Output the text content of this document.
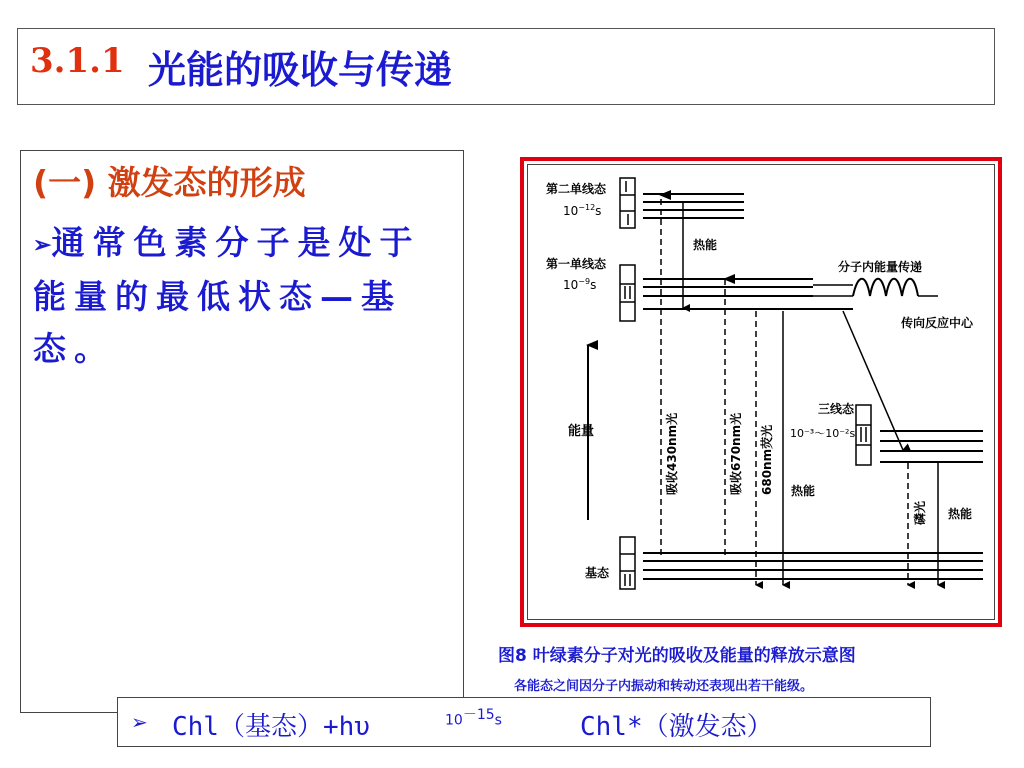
3.1.1 光能的吸收与传递
(一) 激发态的形成
➢通常色素分子是处于能量的最低状态—基态。
第二单线态
$10^{-12}s$
第一单线态
$10^{-9}s$
分子内能量传递
传向反应中心
热能
能量	吸收430nm光	吸收670nm光 680nm荧光 热能
三线态
10⁻³～10⁻²s
磷光 热能
基态
图8 叶绿素分子对光的吸收及能量的释放示意图
各能态之间因分子内振动和转动还表现出若干能级。
➢ Chl（基态）+hυ	$10^{-15}s$	Chl*（激发态）
